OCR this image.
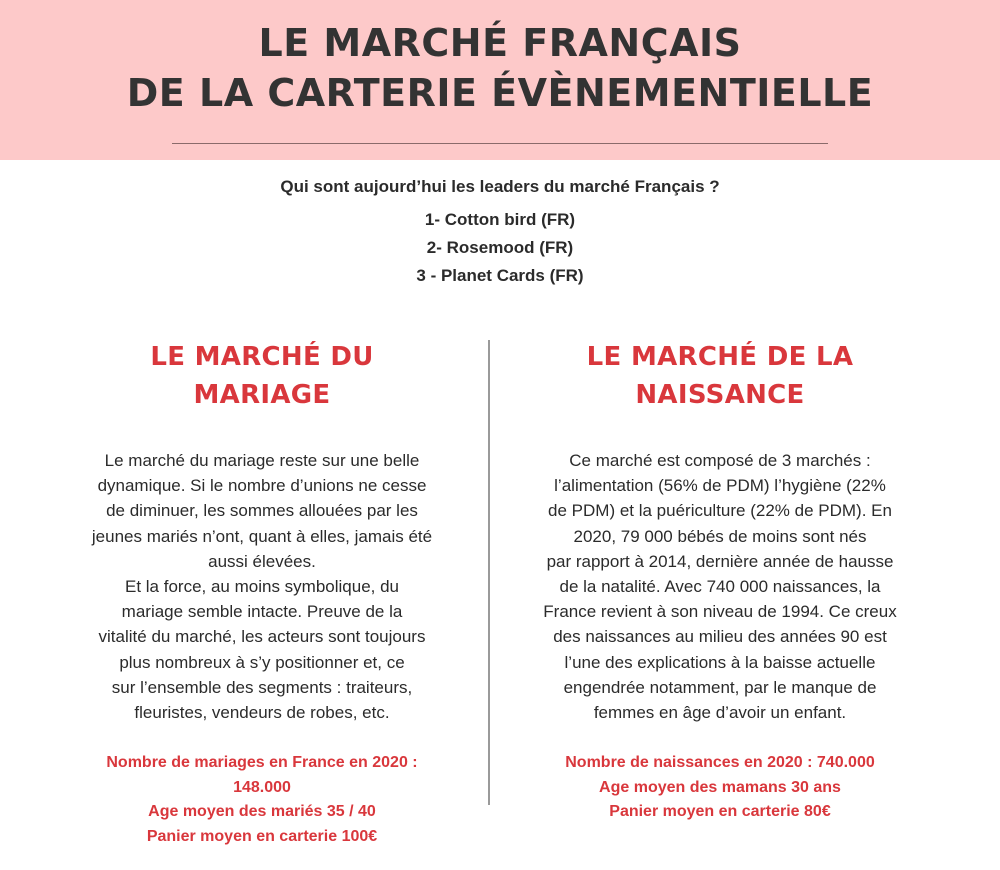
LE MARCHÉ FRANÇAIS
DE LA CARTERIE ÉVÈNEMENTIELLE
Qui sont aujourd’hui les leaders du marché Français ?
1- Cotton bird (FR)
2- Rosemood (FR)
3 - Planet Cards (FR)
LE MARCHÉ DU
MARIAGE
Le marché du mariage reste sur une belle
dynamique. Si le nombre d’unions ne cesse
de diminuer, les sommes allouées par les
jeunes mariés n’ont, quant à elles, jamais été
aussi élevées.
Et la force, au moins symbolique, du
mariage semble intacte. Preuve de la
vitalité du marché, les acteurs sont toujours
plus nombreux à s’y positionner et, ce
sur l’ensemble des segments : traiteurs,
fleuristes, vendeurs de robes, etc.
Nombre de mariages en France en 2020 :
148.000
Age moyen des mariés 35 / 40
Panier moyen en carterie 100€
LE MARCHÉ DE LA
NAISSANCE
Ce marché est composé de 3 marchés :
l’alimentation (56% de PDM) l’hygiène (22%
de PDM) et la puériculture (22% de PDM). En
2020, 79 000 bébés de moins sont nés
par rapport à 2014, dernière année de hausse
de la natalité. Avec 740 000 naissances, la
France revient à son niveau de 1994. Ce creux
des naissances au milieu des années 90 est
l’une des explications à la baisse actuelle
engendrée notamment, par le manque de
femmes en âge d’avoir un enfant.
Nombre de naissances en 2020 : 740.000
Age moyen des mamans 30 ans
Panier moyen en carterie 80€
